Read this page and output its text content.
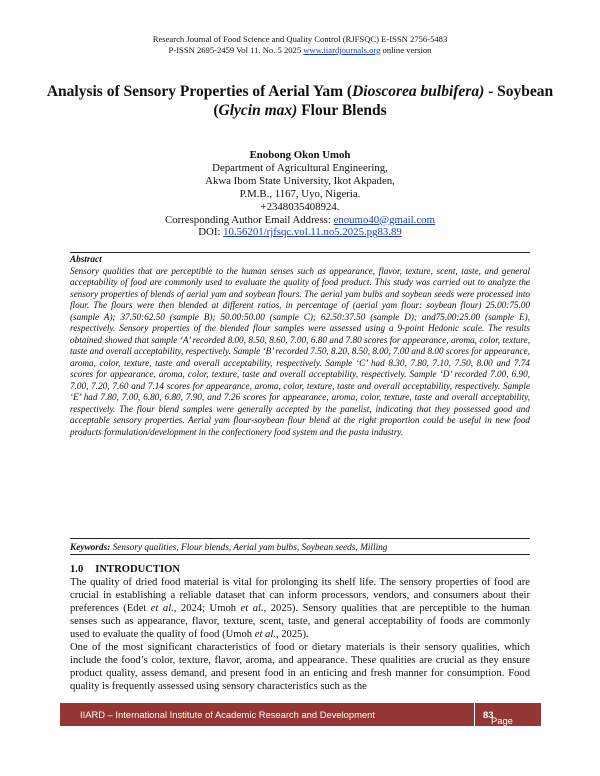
Research Journal of Food Science and Quality Control (RJFSQC) E-ISSN 2756-5483
P-ISSN 2695-2459 Vol 11. No. 5 2025 www.iiardjournals.org online version
Analysis of Sensory Properties of Aerial Yam (Dioscorea bulbifera) - Soybean (Glycin max) Flour Blends
Enobong Okon Umoh
Department of Agricultural Engineering,
Akwa Ibom State University, Ikot Akpaden,
P.M.B., 1167, Uyo, Nigeria.
+2348035408924.
Corresponding Author Email Address: enoumo40@gmail.com
DOI: 10.56201/rjfsqc.vol.11.no5.2025.pg83.89
Abstract
Sensory qualities that are perceptible to the human senses such as appearance, flavor, texture, scent, taste, and general acceptability of food are commonly used to evaluate the quality of food product. This study was carried out to analyze the sensory properties of blends of aerial yam and soybean flours. The aerial yam bulbs and soybean seeds were processed into flour. The flours were then blended at different ratios, in percentage of (aerial yam flour: soybean flour) 25.00:75.00 (sample A); 37.50:62.50 (sample B); 50.00:50.00 (sample C); 62.50:37.50 (sample D); and75.00:25.00 (sample E), respectively. Sensory properties of the blended flour samples were assessed using a 9-point Hedonic scale. The results obtained showed that sample ‘A’ recorded 8.00, 8.50, 8.60, 7.00, 6.80 and 7.80 scores for appearance, aroma, color, texture, taste and overall acceptability, respectively. Sample ‘B’ recorded 7.50, 8.20, 8.50, 8.00, 7.00 and 8.00 scores for appearance, aroma, color, texture, taste and overall acceptability, respectively. Sample ‘C’ had 8.30, 7.80, 7.10, 7.50, 8.00 and 7.74 scores for appearance, aroma, color, texture, taste and overall acceptability, respectively. Sample ‘D’ recorded 7.00, 6.90, 7.00, 7.20, 7.60 and 7.14 scores for appearance, aroma, color, texture, taste and overall acceptability, respectively. Sample ‘E’ had 7.80, 7.00, 6.80, 6.80, 7.90, and 7.26 scores for appearance, aroma, color, texture, taste and overall acceptability, respectively. The flour blend samples were generally accepted by the panelist, indicating that they possessed good and acceptable sensory properties. Aerial yam flour-soybean flour blend at the right proportion could be useful in new food products formulation/development in the confectionery food system and the pasta industry.
Keywords: Sensory qualities, Flour blends, Aerial yam bulbs, Soybean seeds, Milling
1.0 INTRODUCTION

The quality of dried food material is vital for prolonging its shelf life. The sensory properties of food are crucial in establishing a reliable dataset that can inform processors, vendors, and consumers about their preferences (Edet et al., 2024; Umoh et al., 2025). Sensory qualities that are perceptible to the human senses such as appearance, flavor, texture, scent, taste, and general acceptability of foods are commonly used to evaluate the quality of food (Umoh et al., 2025).

One of the most significant characteristics of food or dietary materials is their sensory qualities, which include the food’s color, texture, flavor, aroma, and appearance. These qualities are crucial as they ensure product quality, assess demand, and present food in an enticing and fresh manner for consumption. Food quality is frequently assessed using sensory characteristics such as the

IIARD – International Institute of Academic Research and Development
Page
83
